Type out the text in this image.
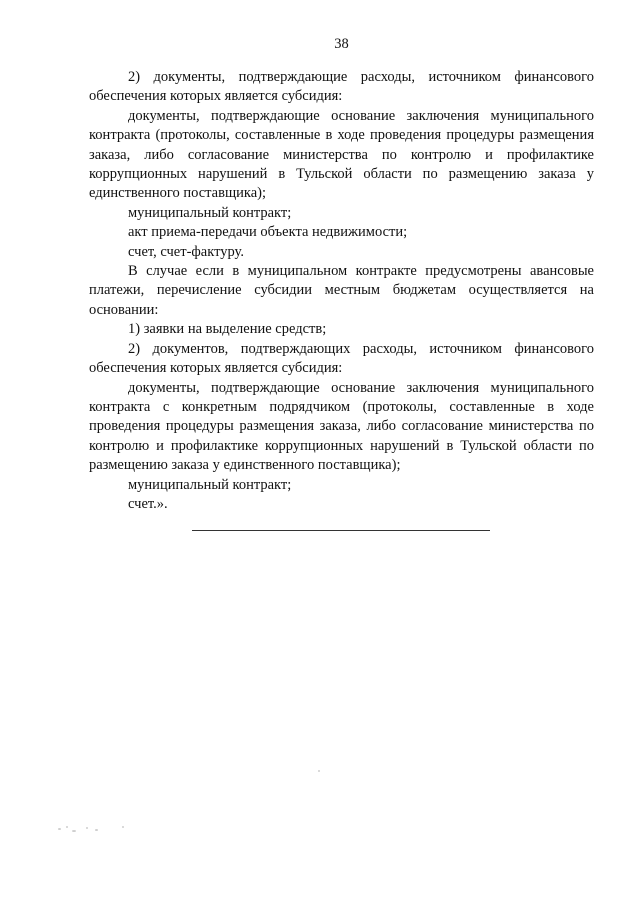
38

2) документы, подтверждающие расходы, источником финансового обеспечения которых является субсидия:

документы, подтверждающие основание заключения муниципального контракта (протоколы, составленные в ходе проведения процедуры размещения заказа, либо согласование министерства по контролю и профилактике коррупционных нарушений в Тульской области по размещению заказа у единственного поставщика);

муниципальный контракт;

акт приема-передачи объекта недвижимости;

счет, счет-фактуру.

В случае если в муниципальном контракте предусмотрены авансовые платежи, перечисление субсидии местным бюджетам осуществляется на основании:

1) заявки на выделение средств;

2) документов, подтверждающих расходы, источником финансового обеспечения которых является субсидия:

документы, подтверждающие основание заключения муниципального контракта с конкретным подрядчиком (протоколы, составленные в ходе проведения процедуры размещения заказа, либо согласование министерства по контролю и профилактике коррупционных нарушений в Тульской области по размещению заказа у единственного поставщика);

муниципальный контракт;

счет.».
